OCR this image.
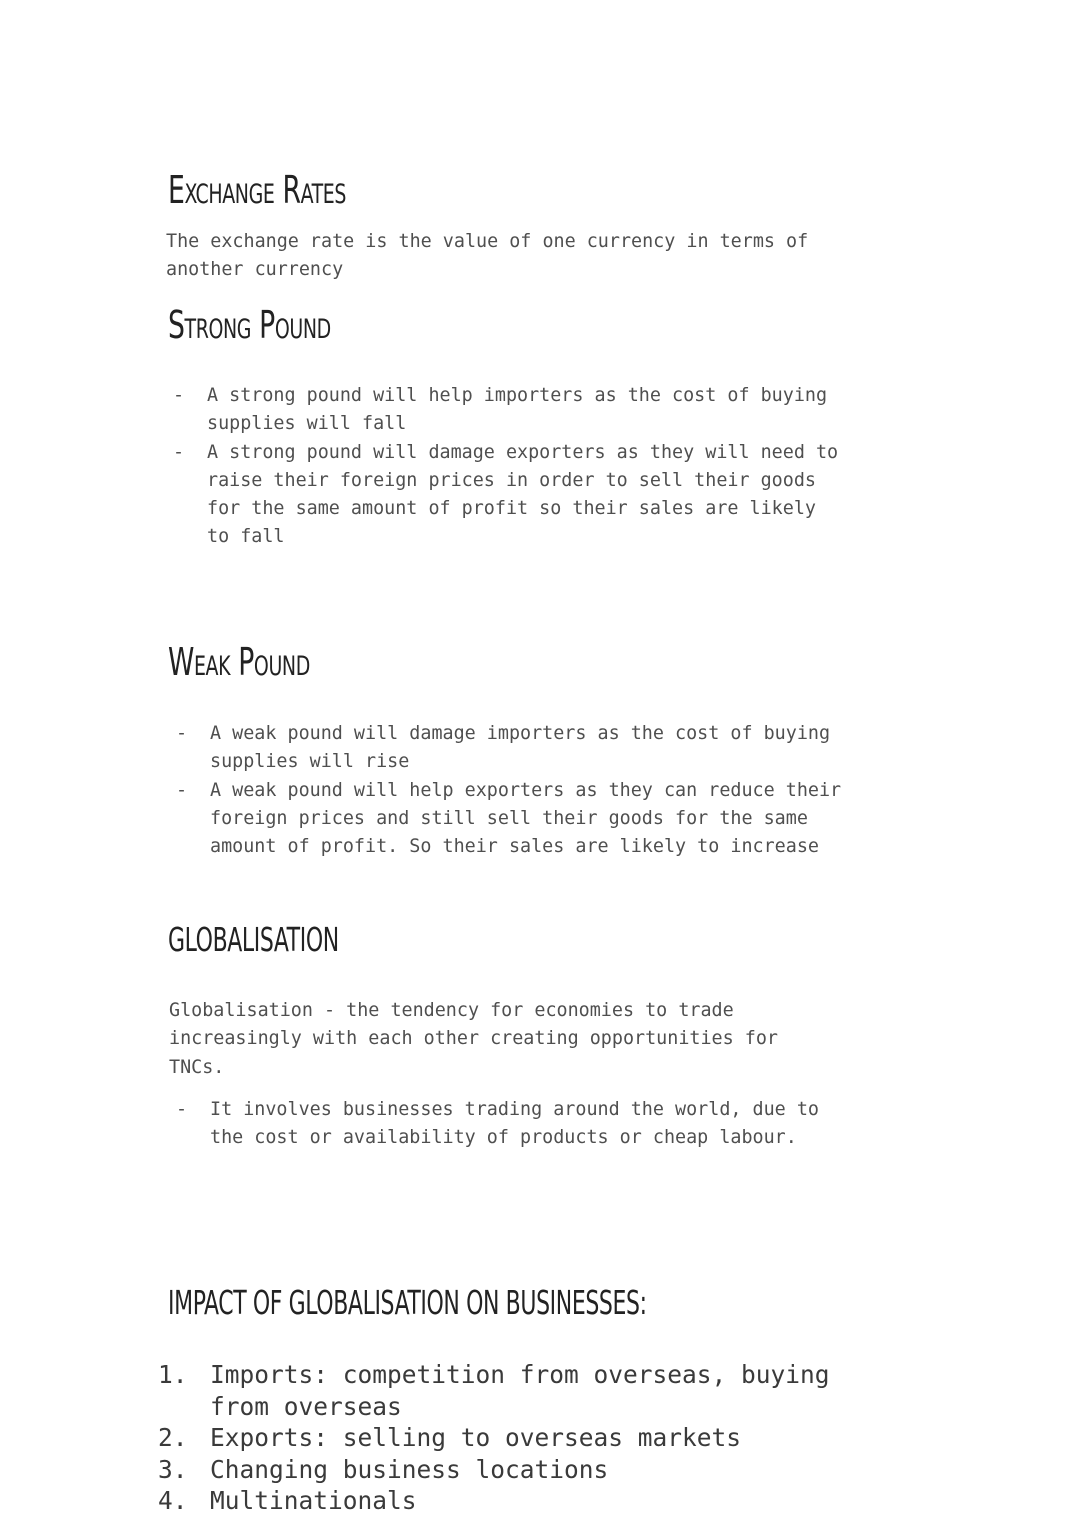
Exchange Rates

The exchange rate is the value of one currency in terms of
another currency

Strong Pound
- A strong pound will help importers as the cost of buying
supplies will fall
- A strong pound will damage exporters as they will need to
raise their foreign prices in order to sell their goods
for the same amount of profit so their sales are likely
to fall
Weak Pound
- A weak pound will damage importers as the cost of buying
supplies will rise
- A weak pound will help exporters as they can reduce their
foreign prices and still sell their goods for the same
amount of profit. So their sales are likely to increase
GLOBALISATION

Globalisation - the tendency for economies to trade
increasingly with each other creating opportunities for
TNCs.

- It involves businesses trading around the world, due to
the cost or availability of products or cheap labour.
IMPACT OF GLOBALISATION ON BUSINESSES:
1. Imports: competition from overseas, buying
from overseas
2. Exports: selling to overseas markets
3. Changing business locations
4. Multinationals
